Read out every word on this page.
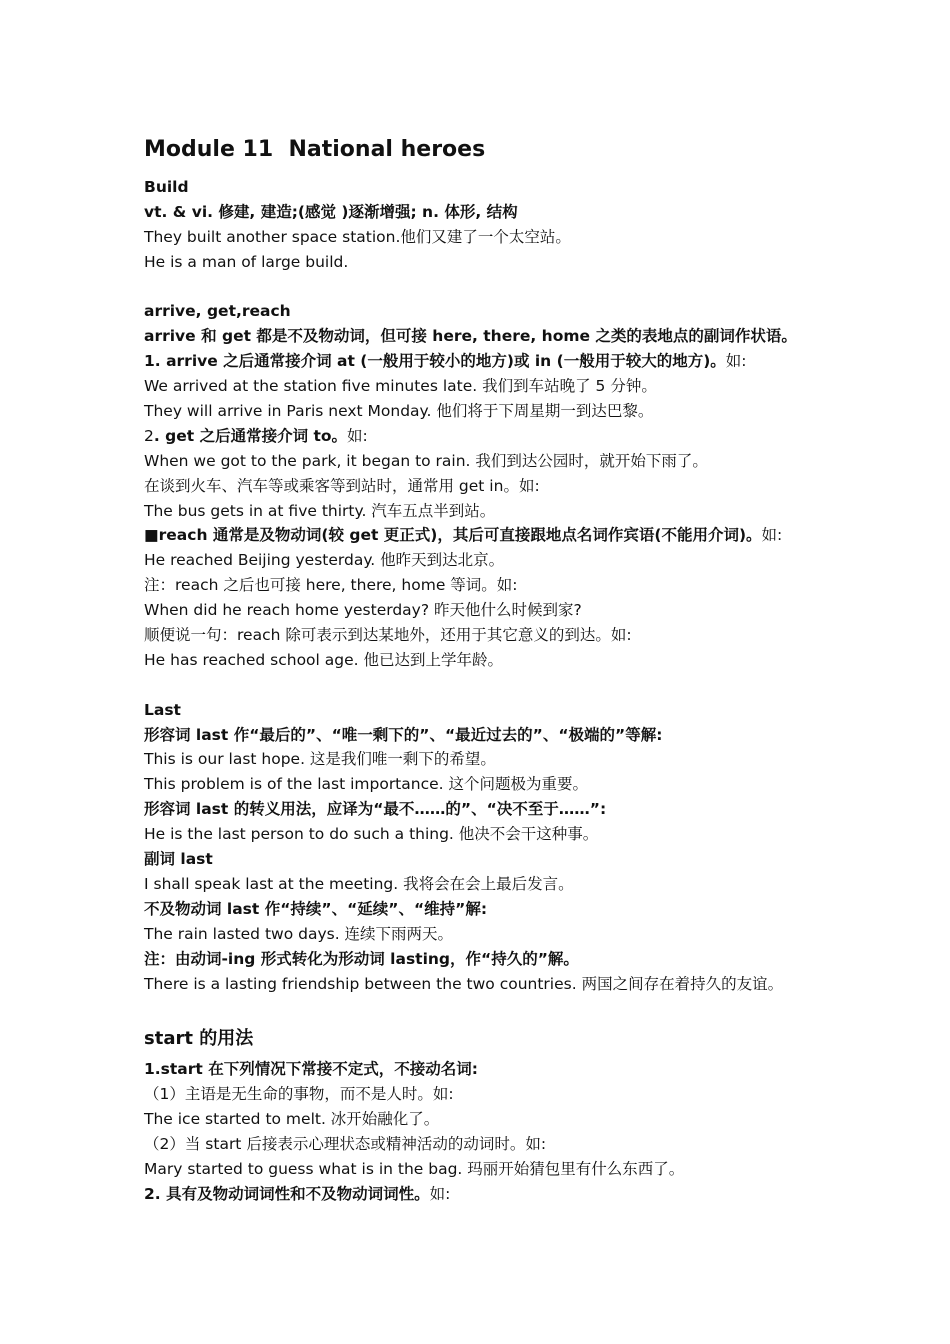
Module 11  National heroes
Build
vt. & vi. 修建, 建造;(感觉 )逐渐增强; n. 体形, 结构
They built another space station.他们又建了一个太空站。
He is a man of large build.
arrive, get,reach
arrive 和 get 都是不及物动词，但可接 here, there, home 之类的表地点的副词作状语。
1. arrive 之后通常接介词 at (一般用于较小的地方)或 in (一般用于较大的地方)。如:
We arrived at the station five minutes late. 我们到车站晚了 5 分钟。
They will arrive in Paris next Monday. 他们将于下周星期一到达巴黎。
2. get 之后通常接介词 to。如:
When we got to the park, it began to rain. 我们到达公园时，就开始下雨了。
在谈到火车、汽车等或乘客等到站时，通常用 get in。如:
The bus gets in at five thirty. 汽车五点半到站。
■reach 通常是及物动词(较 get 更正式)，其后可直接跟地点名词作宾语(不能用介词)。如:
He reached Beijing yesterday. 他昨天到达北京。
注：reach 之后也可接 here, there, home 等词。如:
When did he reach home yesterday? 昨天他什么时候到家?
顺便说一句：reach 除可表示到达某地外，还用于其它意义的到达。如:
He has reached school age. 他已达到上学年龄。
Last
形容词 last 作“最后的”、“唯一剩下的”、“最近过去的”、“极端的”等解:
This is our last hope. 这是我们唯一剩下的希望。
This problem is of the last importance. 这个问题极为重要。
形容词 last 的转义用法，应译为“最不……的”、“决不至于……”:
He is the last person to do such a thing. 他决不会干这种事。
副词 last
I shall speak last at the meeting. 我将会在会上最后发言。
不及物动词 last 作“持续”、“延续”、“维持”解:
The rain lasted two days. 连续下雨两天。
注：由动词-ing 形式转化为形动词 lasting，作“持久的”解。
There is a lasting friendship between the two countries. 两国之间存在着持久的友谊。
start 的用法
1.start 在下列情况下常接不定式，不接动名词:
（1）主语是无生命的事物，而不是人时。如:
The ice started to melt. 冰开始融化了。
（2）当 start 后接表示心理状态或精神活动的动词时。如:
Mary started to guess what is in the bag. 玛丽开始猜包里有什么东西了。
2. 具有及物动词词性和不及物动词词性。如:
